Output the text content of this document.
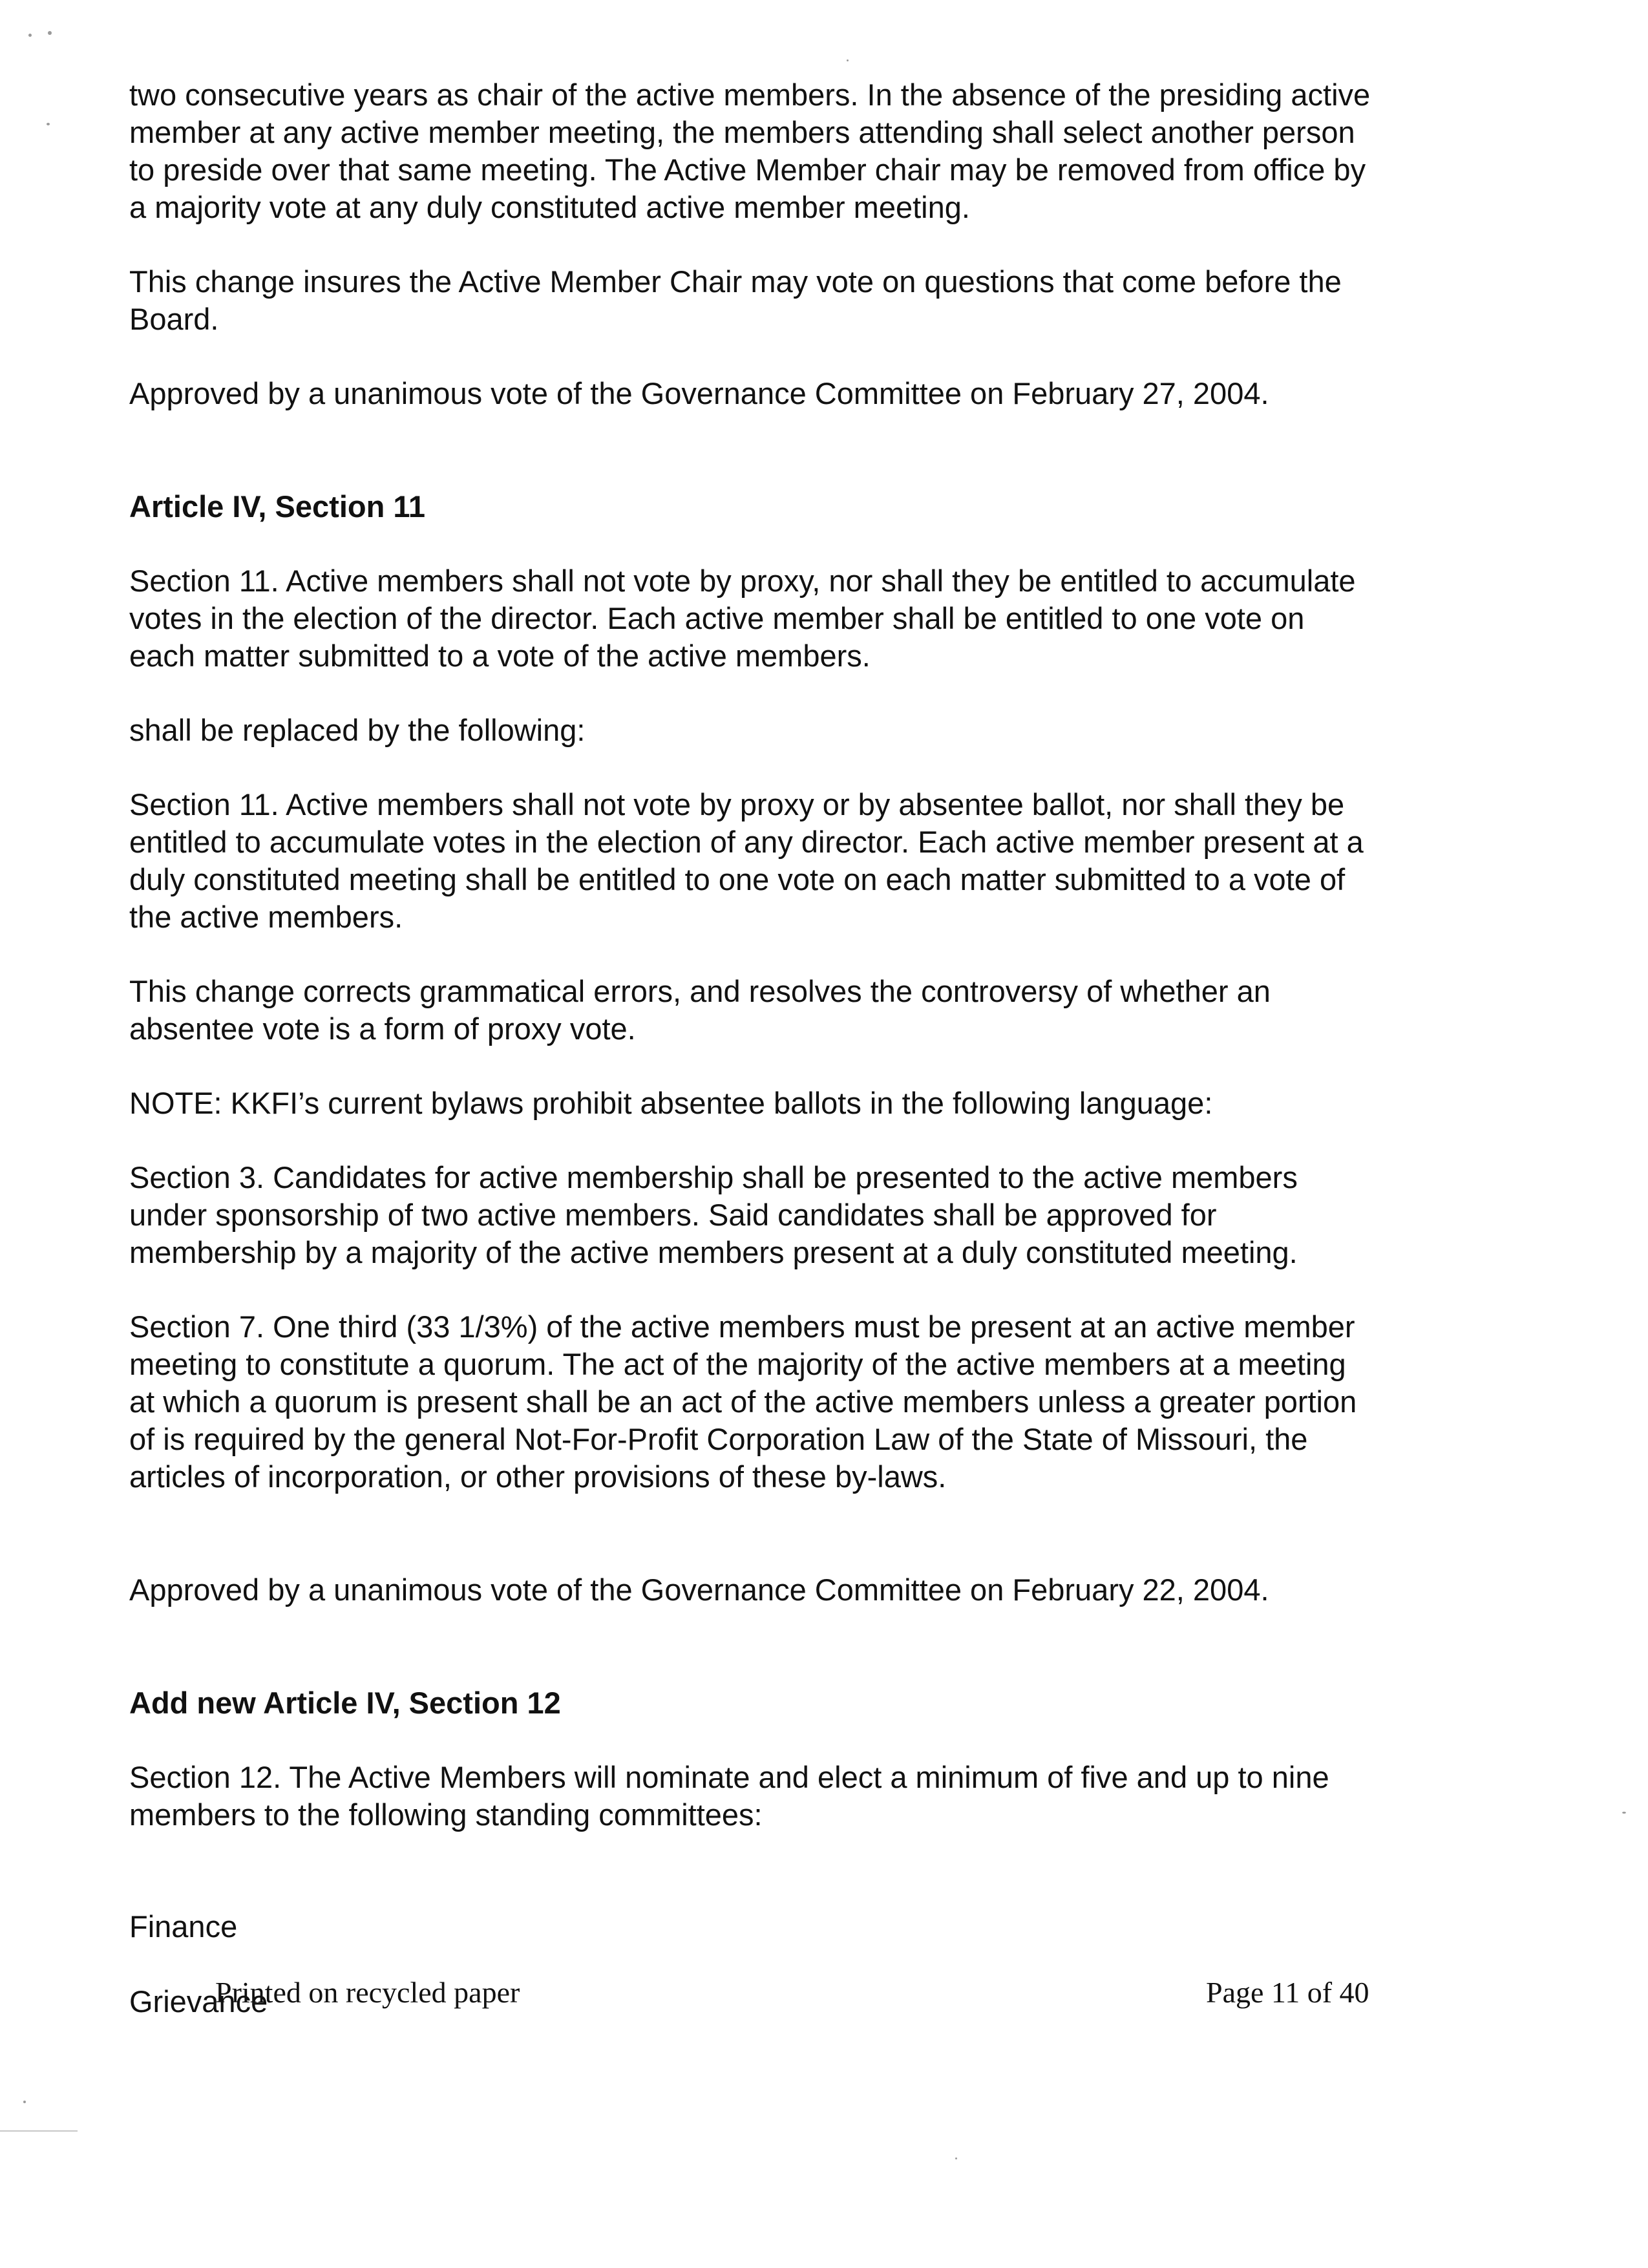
two consecutive years as chair of the active members. In the absence of the presiding active
member at any active member meeting, the members attending shall select another person
to preside over that same meeting. The Active Member chair may be removed from office by
a majority vote at any duly constituted active member meeting.

This change insures the Active Member Chair may vote on questions that come before the
Board.

Approved by a unanimous vote of the Governance Committee on February 27, 2004.

Article IV, Section 11

Section 11. Active members shall not vote by proxy, nor shall they be entitled to accumulate
votes in the election of the director. Each active member shall be entitled to one vote on
each matter submitted to a vote of the active members.

shall be replaced by the following:

Section 11. Active members shall not vote by proxy or by absentee ballot, nor shall they be
entitled to accumulate votes in the election of any director. Each active member present at a
duly constituted meeting shall be entitled to one vote on each matter submitted to a vote of
the active members.

This change corrects grammatical errors, and resolves the controversy of whether an
absentee vote is a form of proxy vote.

NOTE: KKFI’s current bylaws prohibit absentee ballots in the following language:

Section 3. Candidates for active membership shall be presented to the active members
under sponsorship of two active members. Said candidates shall be approved for
membership by a majority of the active members present at a duly constituted meeting.

Section 7. One third (33 1/3%) of the active members must be present at an active member
meeting to constitute a quorum. The act of the majority of the active members at a meeting
at which a quorum is present shall be an act of the active members unless a greater portion
of is required by the general Not-For-Profit Corporation Law of the State of Missouri, the
articles of incorporation, or other provisions of these by-laws.

Approved by a unanimous vote of the Governance Committee on February 22, 2004.

Add new Article IV, Section 12

Section 12. The Active Members will nominate and elect a minimum of five and up to nine
members to the following standing committees:

Finance

Grievance

Printed on recycled paper	Page 11 of 40
